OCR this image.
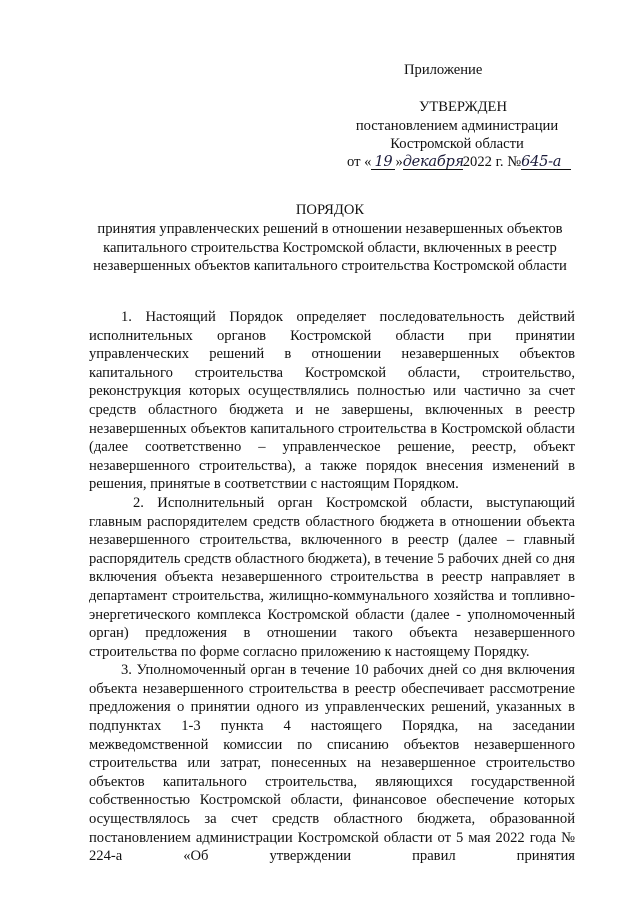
Приложение
УТВЕРЖДЕН
постановлением администрации
Костромской области
от « 19 »декабря2022 г. №645-а
ПОРЯДОК
принятия управленческих решений в отношении незавершенных объектов капитального строительства Костромской области, включенных в реестр незавершенных объектов капитального строительства Костромской области

1. Настоящий Порядок определяет последовательность действий исполнительных органов Костромской области при принятии управленческих решений в отношении незавершенных объектов капитального строительства Костромской области, строительство, реконструкция которых осуществлялись полностью или частично за счет средств областного бюджета и не завершены, включенных в реестр незавершенных объектов капитального строительства в Костромской области (далее соответственно – управленческое решение, реестр, объект незавершенного строительства), а также порядок внесения изменений в решения, принятые в соответствии с настоящим Порядком.

2. Исполнительный орган Костромской области, выступающий главным распорядителем средств областного бюджета в отношении объекта незавершенного строительства, включенного в реестр (далее – главный распорядитель средств областного бюджета), в течение 5 рабочих дней со дня включения объекта незавершенного строительства в реестр направляет в департамент строительства, жилищно-коммунального хозяйства и топливно-энергетического комплекса Костромской области (далее - уполномоченный орган) предложения в отношении такого объекта незавершенного строительства по форме согласно приложению к настоящему Порядку.

3. Уполномоченный орган в течение 10 рабочих дней со дня включения объекта незавершенного строительства в реестр обеспечивает рассмотрение предложения о принятии одного из управленческих решений, указанных в подпунктах 1-3 пункта 4 настоящего Порядка, на заседании межведомственной комиссии по списанию объектов незавершенного строительства или затрат, понесенных на незавершенное строительство объектов капитального строительства, являющихся государственной собственностью Костромской области, финансовое обеспечение которых осуществлялось за счет средств областного бюджета, образованной постановлением администрации Костромской области от 5 мая 2022 года № 224-а «Об утверждении правил принятия
